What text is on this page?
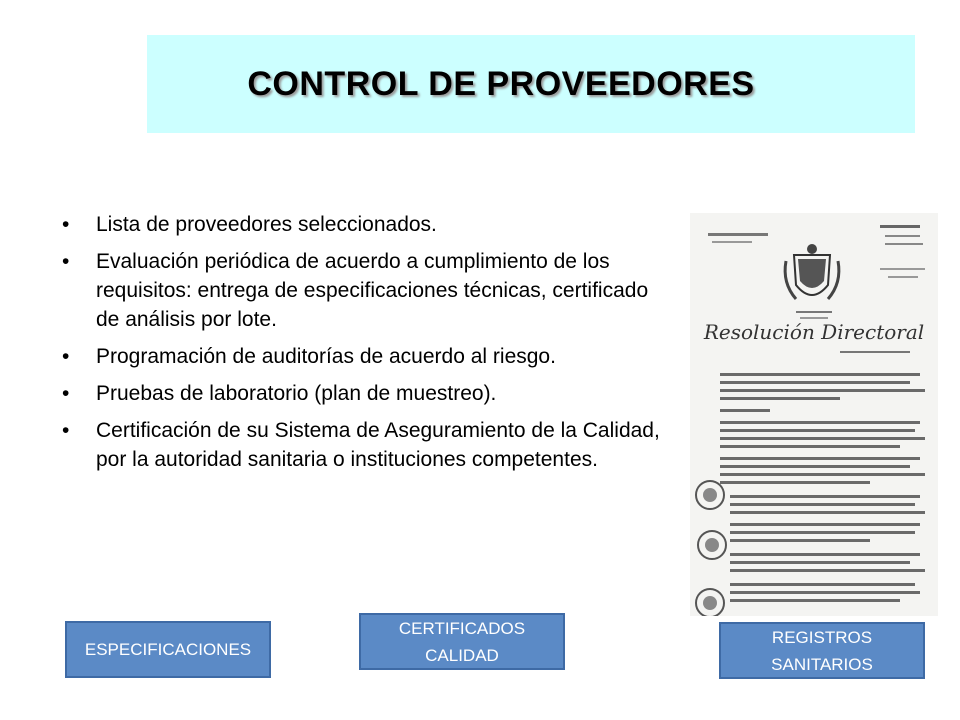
CONTROL DE PROVEEDORES
• Lista de proveedores seleccionados.
• Evaluación periódica de acuerdo a cumplimiento de los requisitos: entrega de especificaciones técnicas, certificado de análisis por lote.
• Programación de auditorías de acuerdo al riesgo.
• Pruebas de laboratorio (plan de muestreo).
• Certificación de su Sistema de Aseguramiento de la Calidad, por la autoridad sanitaria o instituciones competentes.
Resolución Directoral
ESPECIFICACIONES
CERTIFICADOS
CALIDAD
REGISTROS
SANITARIOS
